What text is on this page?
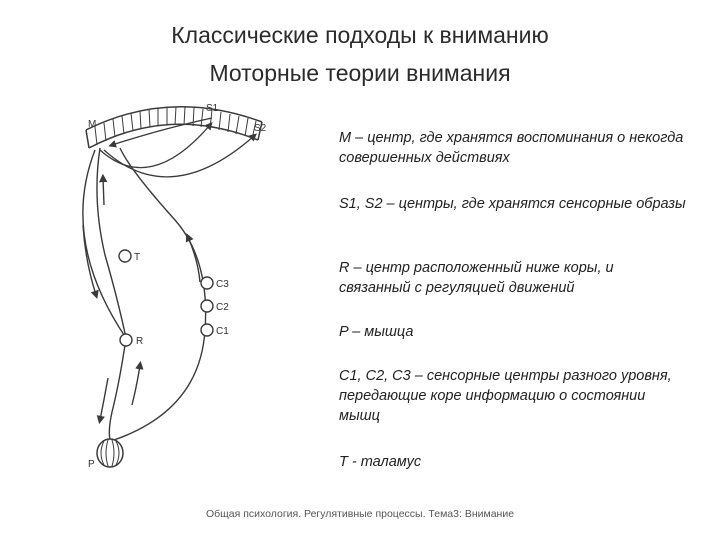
Классические подходы к вниманию
Моторные теории внимания
M
S1
S2
T
R
C3
C2
C1
P

M – центр, где хранятся воспоминания о некогда совершенных действиях

S1, S2 – центры, где хранятся сенсорные образы

R – центр расположенный ниже коры, и связанный с регуляцией движений

P – мышца

C1, C2, C3 – сенсорные центры разного уровня, передающие коре информацию о состоянии мышц

T - таламус

Общая психология. Регулятивные процессы. Тема3: Внимание
